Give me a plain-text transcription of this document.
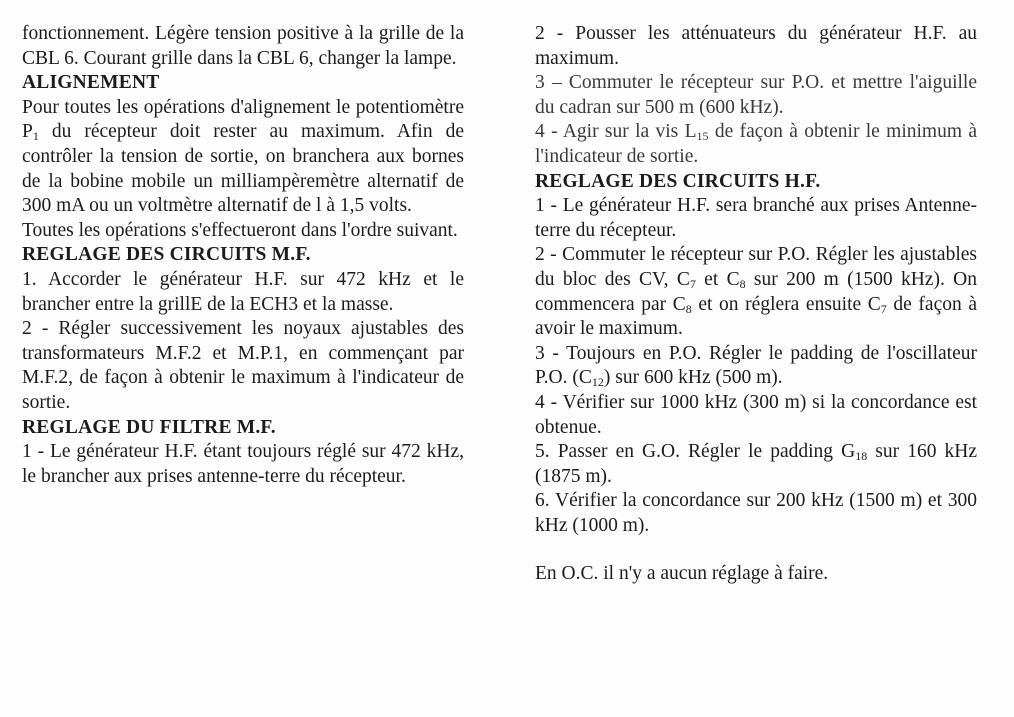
fonctionnement. Légère tension positive à la grille de la CBL 6. Courant grille dans la CBL 6, changer la lampe.

ALIGNEMENT

Pour toutes les opérations d'alignement le potentiomètre $P_1$ du récepteur doit rester au maximum. Afin de contrôler la tension de sortie, on branchera aux bornes de la bobine mobile un milliampèremètre alternatif de 300 mA ou un voltmètre alternatif de l à 1,5 volts.

Toutes les opérations s'effectueront dans l'ordre suivant.

REGLAGE DES CIRCUITS M.F.

1. Accorder le générateur H.F. sur 472 kHz et le brancher entre la grillE de la ECH3 et la masse.

2 - Régler successivement les noyaux ajustables des transformateurs M.F.2 et M.P.1, en commençant par M.F.2, de façon à obtenir le maximum à l'indicateur de sortie.

REGLAGE DU FILTRE M.F.

1 - Le générateur H.F. étant toujours réglé sur 472 kHz, le brancher aux prises antenne-terre du récepteur.

2 - Pousser les atténuateurs du générateur H.F. au maximum.

3 – Commuter le récepteur sur P.O. et mettre l'aiguille du cadran sur 500 m (600 kHz).

4 - Agir sur la vis $L_{15}$ de façon à obtenir le minimum à l'indicateur de sortie.

REGLAGE DES CIRCUITS H.F.

1 - Le générateur H.F. sera branché aux prises Antenne-terre du récepteur.

2 - Commuter le récepteur sur P.O. Régler les ajustables du bloc des CV, $C_7$ et $C_8$ sur 200 m (1500 kHz). On commencera par $C_8$ et on réglera ensuite $C_7$ de façon à avoir le maximum.

3 - Toujours en P.O. Régler le padding de l'oscillateur P.O. $(C_{12})$ sur 600 kHz (500 m).

4 - Vérifier sur 1000 kHz (300 m) si la concordance est obtenue.

5. Passer en G.O. Régler le padding $G_{18}$ sur 160 kHz (1875 m).

6. Vérifier la concordance sur 200 kHz (1500 m) et 300 kHz (1000 m).

En O.C. il n'y a aucun réglage à faire.
